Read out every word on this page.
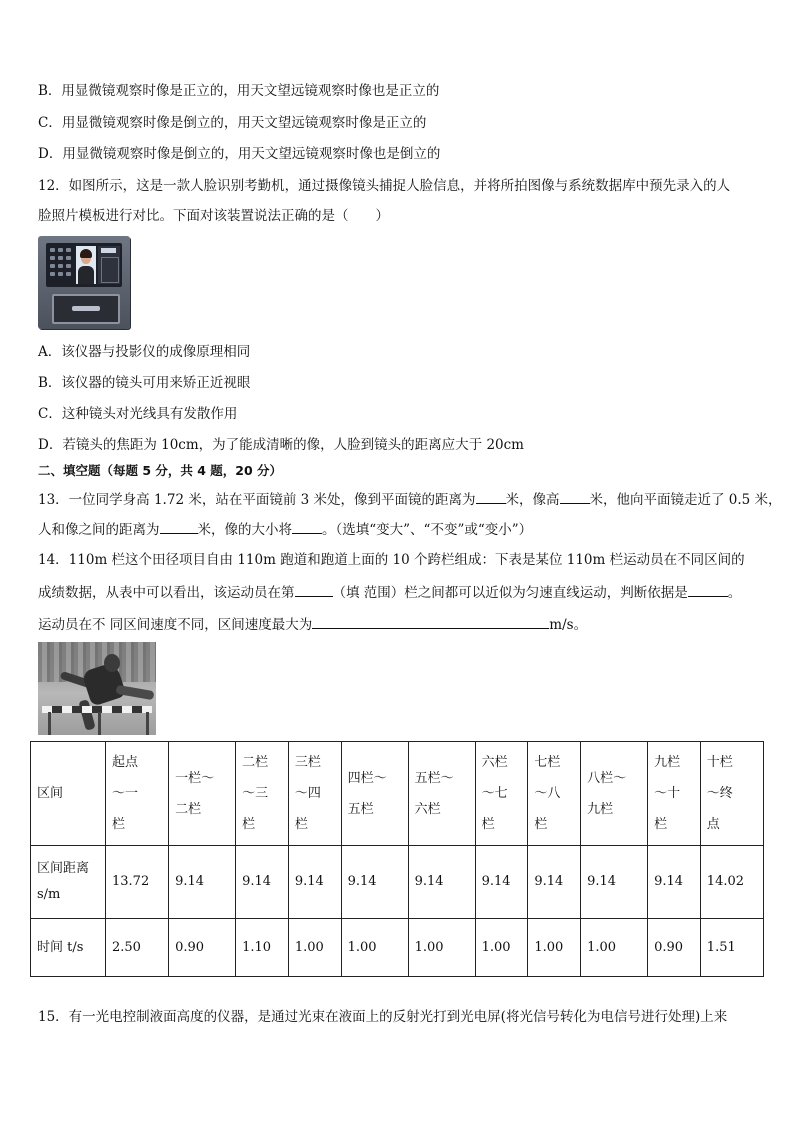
B．用显微镜观察时像是正立的，用天文望远镜观察时像也是正立的
C．用显微镜观察时像是倒立的，用天文望远镜观察时像是正立的
D．用显微镜观察时像是倒立的，用天文望远镜观察时像也是倒立的
12．如图所示，这是一款人脸识别考勤机，通过摄像镜头捕捉人脸信息，并将所拍图像与系统数据库中预先录入的人
脸照片模板进行对比。下面对该装置说法正确的是（　　）
A．该仪器与投影仪的成像原理相同
B．该仪器的镜头可用来矫正近视眼
C．这种镜头对光线具有发散作用
D．若镜头的焦距为 10cm，为了能成清晰的像，人脸到镜头的距离应大于 20cm
二、填空题（每题 5 分，共 4 题，20 分）
13．一位同学身高 1.72 米，站在平面镜前 3 米处，像到平面镜的距离为 米，像高 米，他向平面镜走近了 0.5 米，
人和像之间的距离为	米，像的大小将 。（选填“变大”、“不变”或“变小”）
14．110m 栏这个田径项目自由 110m 跑道和跑道上面的 10 个跨栏组成：下表是某位 110m 栏运动员在不同区间的
成绩数据，从表中可以看出，该运动员在第	（填 范围）栏之间都可以近似为匀速直线运动，判断依据是	。
运动员在不 同区间速度不同，区间速度最大为	m/s。
区间	起点～一栏	一栏～二栏	二栏～三栏	三栏～四栏	四栏～五栏	五栏～六栏	六栏～七栏	七栏～八栏	八栏～九栏	九栏～十栏	十栏～终点
区间距离 s/m	13.72	9.14	9.14	9.14	9.14	9.14	9.14	9.14	9.14	9.14	14.02
时间 t/s	2.50	0.90	1.10	1.00	1.00	1.00	1.00	1.00	1.00	0.90	1.51
15．有一光电控制液面高度的仪器，是通过光束在液面上的反射光打到光电屏(将光信号转化为电信号进行处理)上来
